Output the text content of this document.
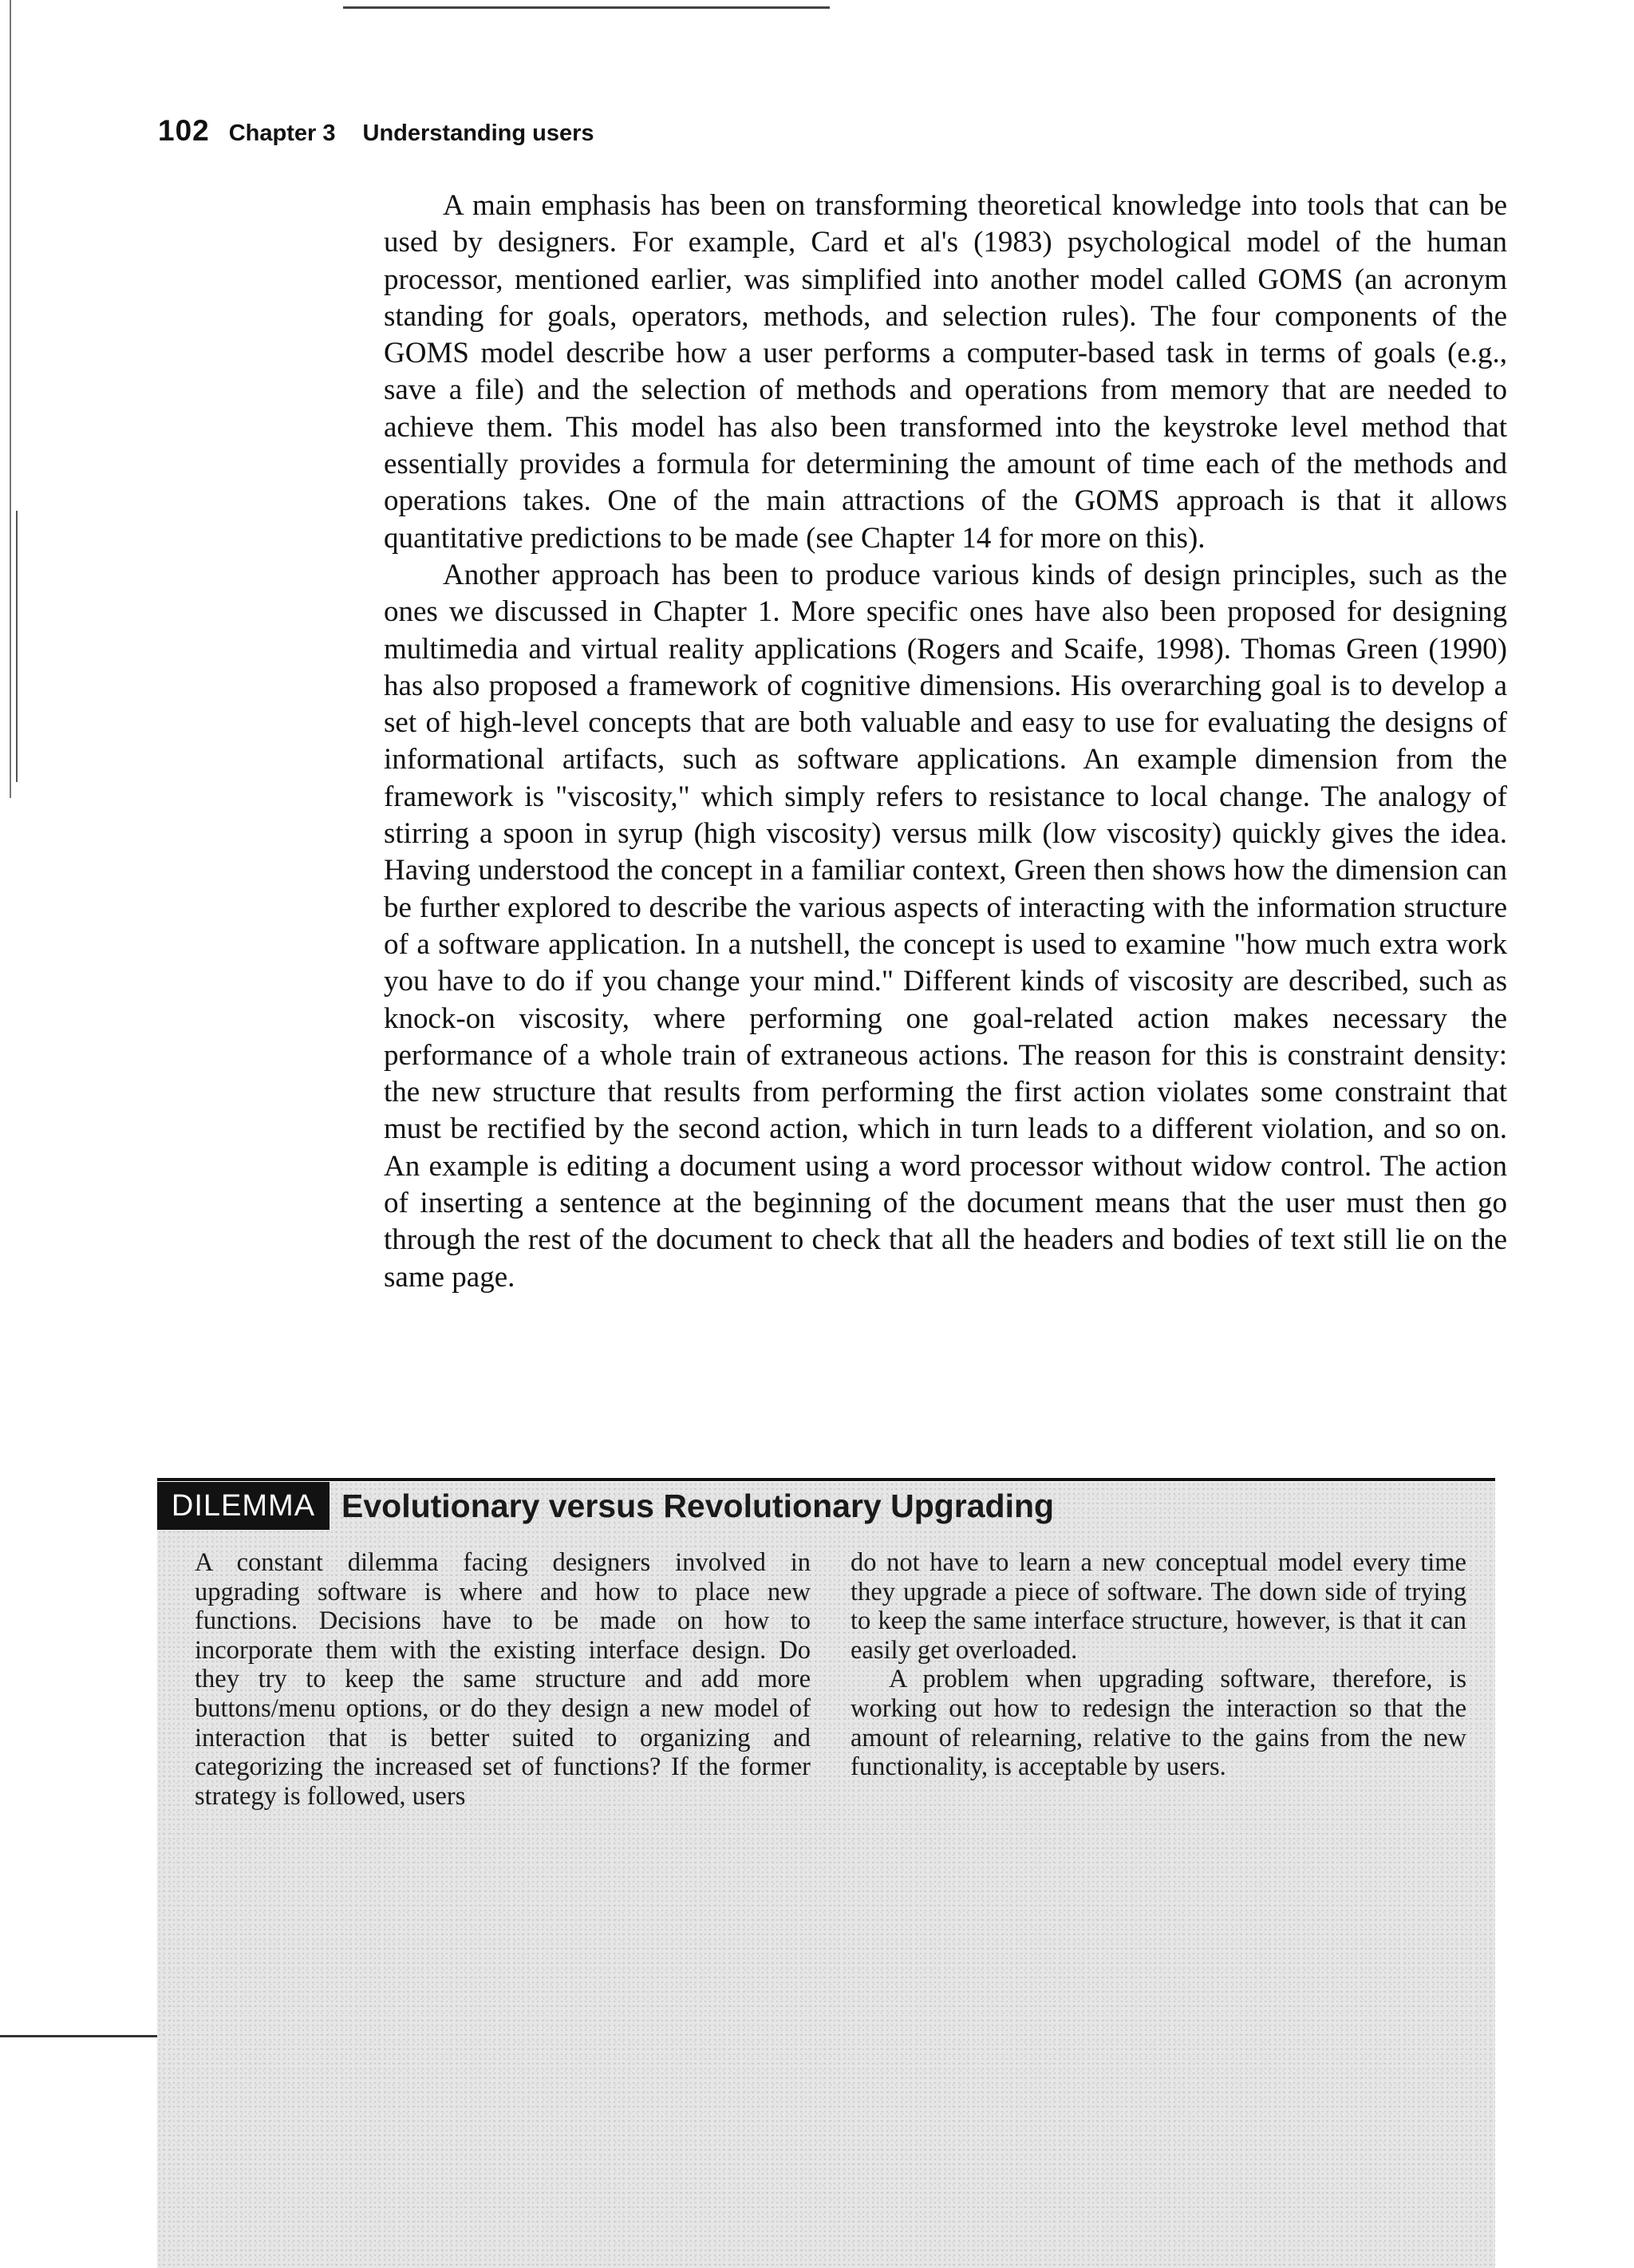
102 Chapter 3 Understanding users

A main emphasis has been on transforming theoretical knowledge into tools that can be used by designers. For example, Card et al's (1983) psychological model of the human processor, mentioned earlier, was simplified into another model called GOMS (an acronym standing for goals, operators, methods, and selection rules). The four components of the GOMS model describe how a user performs a computer-based task in terms of goals (e.g., save a file) and the selection of methods and operations from memory that are needed to achieve them. This model has also been transformed into the keystroke level method that essentially provides a formula for determining the amount of time each of the methods and operations takes. One of the main attractions of the GOMS approach is that it allows quantitative predictions to be made (see Chapter 14 for more on this).

Another approach has been to produce various kinds of design principles, such as the ones we discussed in Chapter 1. More specific ones have also been proposed for designing multimedia and virtual reality applications (Rogers and Scaife, 1998). Thomas Green (1990) has also proposed a framework of cognitive dimensions. His overarching goal is to develop a set of high-level concepts that are both valuable and easy to use for evaluating the designs of informational artifacts, such as software applications. An example dimension from the framework is "viscosity," which simply refers to resistance to local change. The analogy of stirring a spoon in syrup (high viscosity) versus milk (low viscosity) quickly gives the idea. Having understood the concept in a familiar context, Green then shows how the dimension can be further explored to describe the various aspects of interacting with the information structure of a software application. In a nutshell, the concept is used to examine "how much extra work you have to do if you change your mind." Different kinds of viscosity are described, such as knock-on viscosity, where performing one goal-related action makes necessary the performance of a whole train of extraneous actions. The reason for this is constraint density: the new structure that results from performing the first action violates some constraint that must be rectified by the second action, which in turn leads to a different violation, and so on. An example is editing a document using a word processor without widow control. The action of inserting a sentence at the beginning of the document means that the user must then go through the rest of the document to check that all the headers and bodies of text still lie on the same page.

DILEMMA Evolutionary versus Revolutionary Upgrading

A constant dilemma facing designers involved in upgrading software is where and how to place new functions. Decisions have to be made on how to incorporate them with the existing interface design. Do they try to keep the same structure and add more buttons/menu options, or do they design a new model of interaction that is better suited to organizing and categorizing the increased set of functions? If the former strategy is followed, users

do not have to learn a new conceptual model every time they upgrade a piece of software. The down side of trying to keep the same interface structure, however, is that it can easily get overloaded.

A problem when upgrading software, therefore, is working out how to redesign the interaction so that the amount of relearning, relative to the gains from the new functionality, is acceptable by users.
